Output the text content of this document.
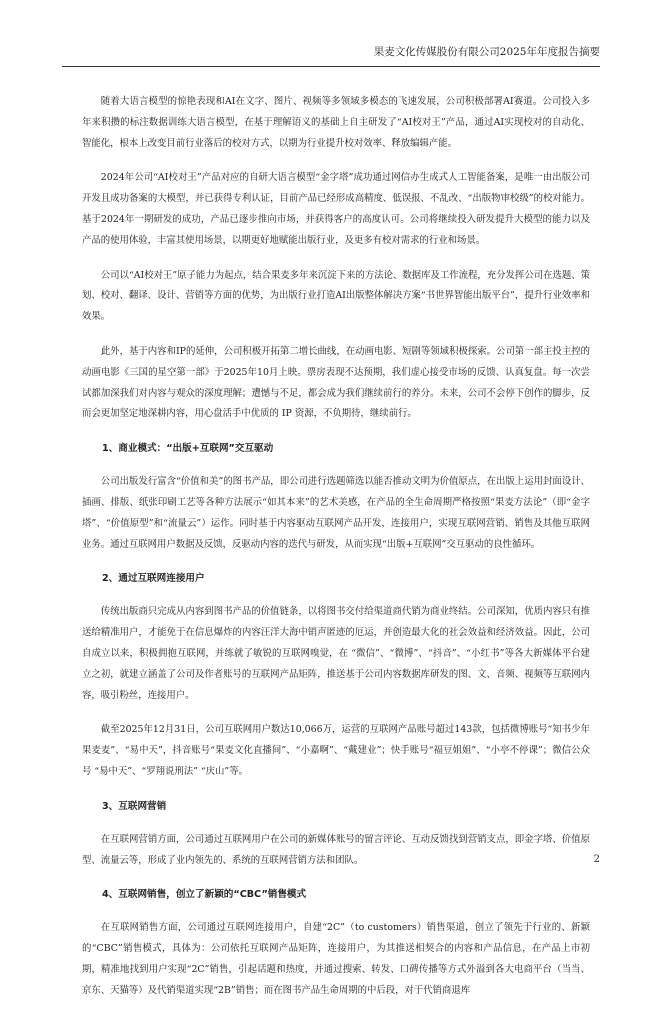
果麦文化传媒股份有限公司2025年年度报告摘要

随着大语言模型的惊艳表现和AI在文字、图片、视频等多领域多模态的飞速发展，公司积极部署AI赛道。公司投入多年来积攒的标注数据训练大语言模型，在基于理解语义的基础上自主研发了“AI校对王”产品，通过AI实现校对的自动化、智能化，根本上改变目前行业落后的校对方式，以期为行业提升校对效率、释放编辑产能。

2024年公司“AI校对王”产品对应的自研大语言模型“金字塔”成功通过网信办生成式人工智能备案，是唯一由出版公司开发且成功备案的大模型，并已获得专利认证，目前产品已经形成高精度、低误报、不乱改、“出版物审校级”的校对能力。基于2024年一期研发的成功，产品已逐步推向市场，并获得客户的高度认可。公司将继续投入研发提升大模型的能力以及产品的使用体验，丰富其使用场景，以期更好地赋能出版行业，及更多有校对需求的行业和场景。

公司以“AI校对王”原子能力为起点，结合果麦多年来沉淀下来的方法论、数据库及工作流程，充分发挥公司在选题、策划、校对、翻译、设计、营销等方面的优势，为出版行业打造AI出版整体解决方案“书世界智能出版平台”，提升行业效率和效果。

此外，基于内容和IP的延伸，公司积极开拓第二增长曲线，在动画电影、短剧等领域积极探索。公司第一部主投主控的动画电影《三国的星空第一部》于2025年10月上映。票房表现不达预期，我们虚心接受市场的反馈、认真复盘。每一次尝试都加深我们对内容与观众的深度理解；遭憾与不足，都会成为我们继续前行的养分。未来，公司不会停下创作的脚步，反而会更加坚定地深耕内容，用心盘活手中优质的 IP 资源，不负期待，继续前行。

1、商业模式：“出版+互联网”交互驱动

公司出版发行富含“价值和美”的图书产品，即公司进行选题筛选以能否推动文明为价值原点，在出版上运用封面设计、插画、排版、纸张印刷工艺等各种方法展示“如其本来”的艺术美感，在产品的全生命周期严格按照“果麦方法论”（即“金字塔”、“价值原型”和“流量云”）运作。同时基于内容驱动互联网产品开发，连接用户，实现互联网营销、销售及其他互联网业务。通过互联网用户数据及反馈，反驱动内容的迭代与研发，从而实现“出版+互联网”交互驱动的良性循环。

2、通过互联网连接用户

传统出版商只完成从内容到图书产品的价值链条，以将图书交付给渠道商代销为商业终结。公司深知，优质内容只有推送给精准用户，才能免于在信息爆炸的内容汪洋大海中销声匿迹的厄运，并创造最大化的社会效益和经济效益。因此，公司自成立以来，积极拥抱互联网，并练就了敏锐的互联网嗅觉，在 “微信”、“微博”、“抖音”、“小红书”等各大新媒体平台建立之初，就建立涵盖了公司及作者账号的互联网产品矩阵，推送基于公司内容数据库研发的图、文、音频、视频等互联网内容，吸引粉丝，连接用户。

截至2025年12月31日，公司互联网用户数达10,066万，运营的互联网产品账号超过143款，包括微博账号“知书少年果麦麦”、“易中天”，抖音账号“果麦文化直播间”、“小嘉啊”、“戴建业”；快手账号“福豆姐姐”、“小亭不停课”；微信公众号 “易中天”、“罗翔说刑法” “庆山”等。

3、互联网营销

在互联网营销方面，公司通过互联网用户在公司的新媒体账号的留言评论、互动反馈找到营销支点，即金字塔、价值原型、流量云等，形成了业内领先的、系统的互联网营销方法和团队。

4、互联网销售，创立了新颖的“CBC”销售模式

在互联网销售方面，公司通过互联网连接用户，自建“2C”（to customers）销售渠道，创立了领先于行业的、新颖的“CBC”销售模式，具体为：公司依托互联网产品矩阵，连接用户，为其推送相契合的内容和产品信息，在产品上市初期，精准地找到用户实现“2C”销售，引起话题和热度，并通过搜索、转发、口碑传播等方式外溢到各大电商平台（当当、京东、天猫等）及代销渠道实现“2B”销售；而在图书产品生命周期的中后段，对于代销商退库

2
